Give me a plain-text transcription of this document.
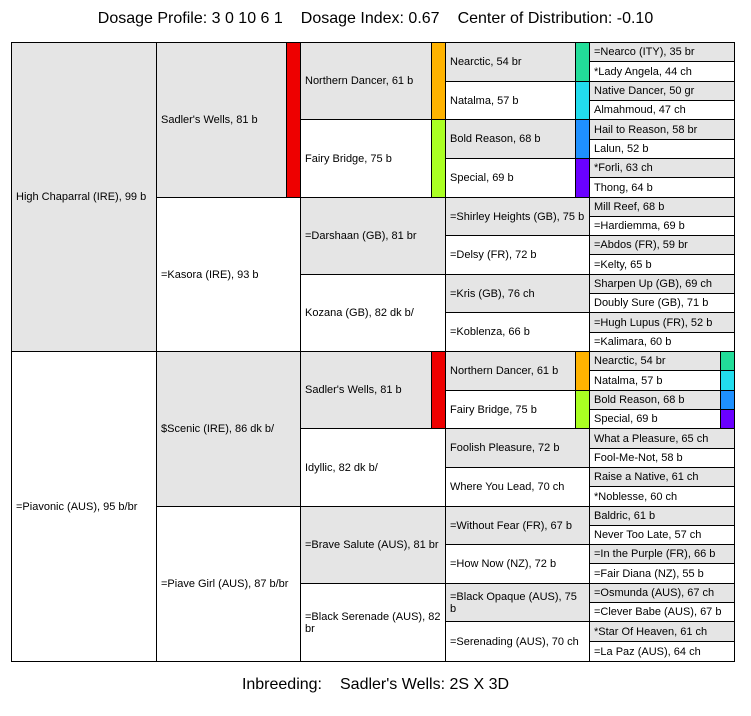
Dosage Profile: 3 0 10 6 1 Dosage Index: 0.67 Center of Distribution: -0.10
High Chaparral (IRE), 99 b
=Piavonic (AUS), 95 b/br
Sadler's Wells, 81 b
=Kasora (IRE), 93 b
$Scenic (IRE), 86 dk b/
=Piave Girl (AUS), 87 b/br
Northern Dancer, 61 b
Fairy Bridge, 75 b
=Darshaan (GB), 81 br
Kozana (GB), 82 dk b/
Sadler's Wells, 81 b
Idyllic, 82 dk b/
=Brave Salute (AUS), 81 br
=Black Serenade (AUS), 82 br
Nearctic, 54 br
Natalma, 57 b
Bold Reason, 68 b
Special, 69 b
=Shirley Heights (GB), 75 b
=Delsy (FR), 72 b
=Kris (GB), 76 ch
=Koblenza, 66 b
Northern Dancer, 61 b
Fairy Bridge, 75 b
Foolish Pleasure, 72 b
Where You Lead, 70 ch
=Without Fear (FR), 67 b
=How Now (NZ), 72 b
=Black Opaque (AUS), 75 b
=Serenading (AUS), 70 ch
=Nearco (ITY), 35 br
*Lady Angela, 44 ch
Native Dancer, 50 gr
Almahmoud, 47 ch
Hail to Reason, 58 br
Lalun, 52 b
*Forli, 63 ch
Thong, 64 b
Mill Reef, 68 b
=Hardiemma, 69 b
=Abdos (FR), 59 br
=Kelty, 65 b
Sharpen Up (GB), 69 ch
Doubly Sure (GB), 71 b
=Hugh Lupus (FR), 52 b
=Kalimara, 60 b
Nearctic, 54 br
Natalma, 57 b
Bold Reason, 68 b
Special, 69 b
What a Pleasure, 65 ch
Fool-Me-Not, 58 b
Raise a Native, 61 ch
*Noblesse, 60 ch
Baldric, 61 b
Never Too Late, 57 ch
=In the Purple (FR), 66 b
=Fair Diana (NZ), 55 b
=Osmunda (AUS), 67 ch
=Clever Babe (AUS), 67 b
*Star Of Heaven, 61 ch
=La Paz (AUS), 64 ch
Inbreeding: Sadler's Wells: 2S X 3D
